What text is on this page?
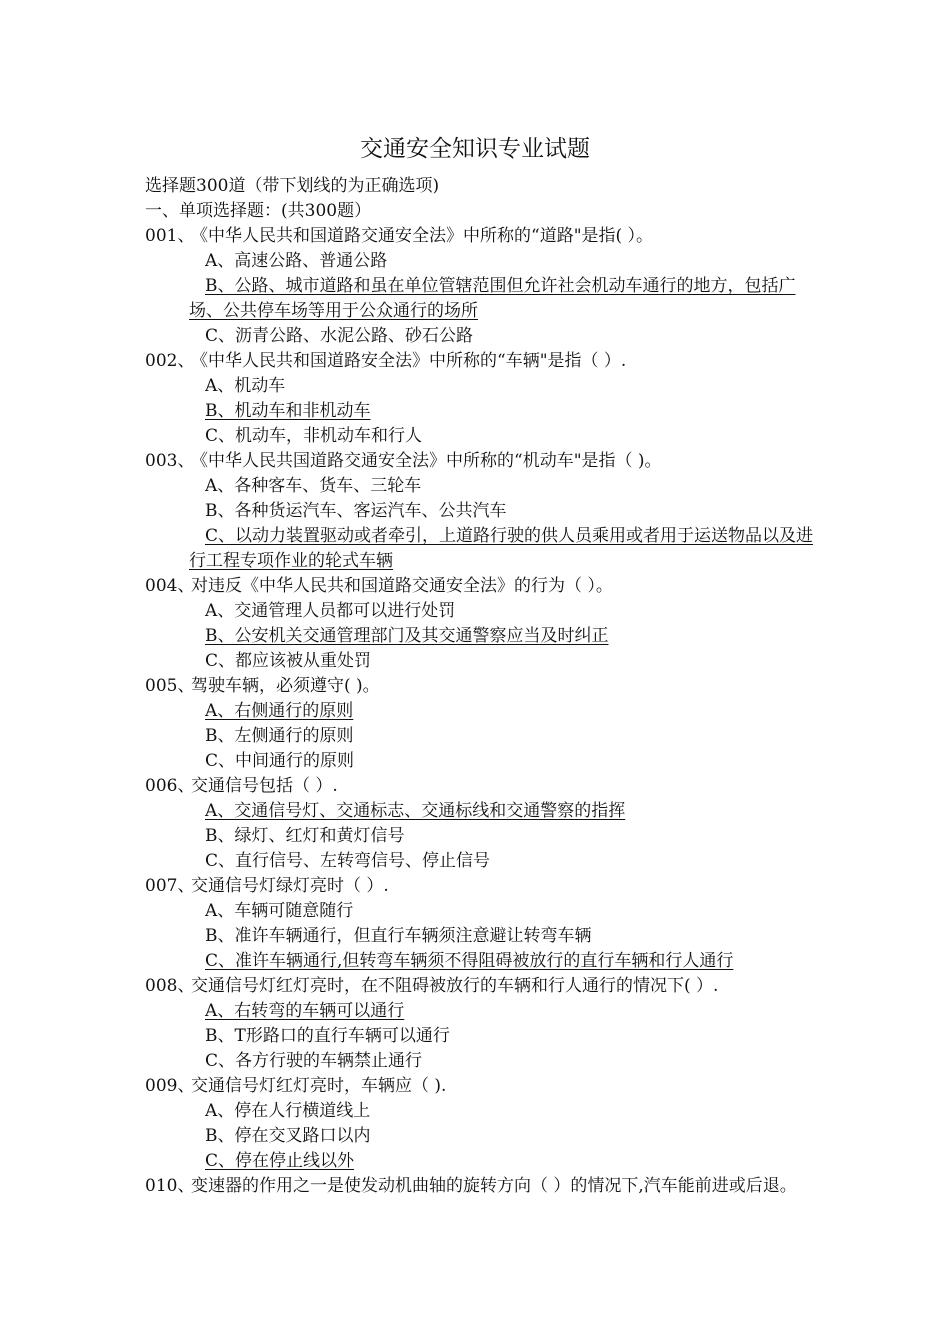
交通安全知识专业试题
选择题300道（带下划线的为正确选项)
一、单项选择题：(共300题）
001、
《中华人民共和国道路交通安全法》中所称的“道路"是指( ）。
A、高速公路、普通公路
B、公路、城市道路和虽在单位管辖范围但允许社会机动车通行的地方，包括广场、公共停车场等用于公众通行的场所
C、沥青公路、水泥公路、砂石公路
002、
《中华人民共和国道路安全法》中所称的“车辆"是指（ ）.
A、机动车
B、机动车和非机动车
C、机动车，非机动车和行人
003、
《中华人民共国道路交通安全法》中所称的“机动车"是指（ )。
A、各种客车、货车、三轮车
B、各种货运汽车、客运汽车、公共汽车
C、以动力装置驱动或者牵引，上道路行驶的供人员乘用或者用于运送物品以及进行工程专项作业的轮式车辆
004、
对违反《中华人民共和国道路交通安全法》的行为（ ）。
A、交通管理人员都可以进行处罚
B、公安机关交通管理部门及其交通警察应当及时纠正
C、都应该被从重处罚
005、
驾驶车辆，必须遵守( )。
A、右侧通行的原则
B、左侧通行的原则
C、中间通行的原则
006、
交通信号包括（ ）.
A、交通信号灯、交通标志、交通标线和交通警察的指挥
B、绿灯、红灯和黄灯信号
C、直行信号、左转弯信号、停止信号
007、
交通信号灯绿灯亮时（ ）.
A、车辆可随意随行
B、准许车辆通行，但直行车辆须注意避让转弯车辆
C、准许车辆通行,但转弯车辆须不得阻碍被放行的直行车辆和行人通行
008、
交通信号灯红灯亮时，在不阻碍被放行的车辆和行人通行的情况下( ）.
A、右转弯的车辆可以通行
B、T形路口的直行车辆可以通行
C、各方行驶的车辆禁止通行
009、
交通信号灯红灯亮时，车辆应（ ).
A、停在人行横道线上
B、停在交叉路口以内
C、停在停止线以外
010、
变速器的作用之一是使发动机曲轴的旋转方向（ ）的情况下,汽车能前进或后退。
